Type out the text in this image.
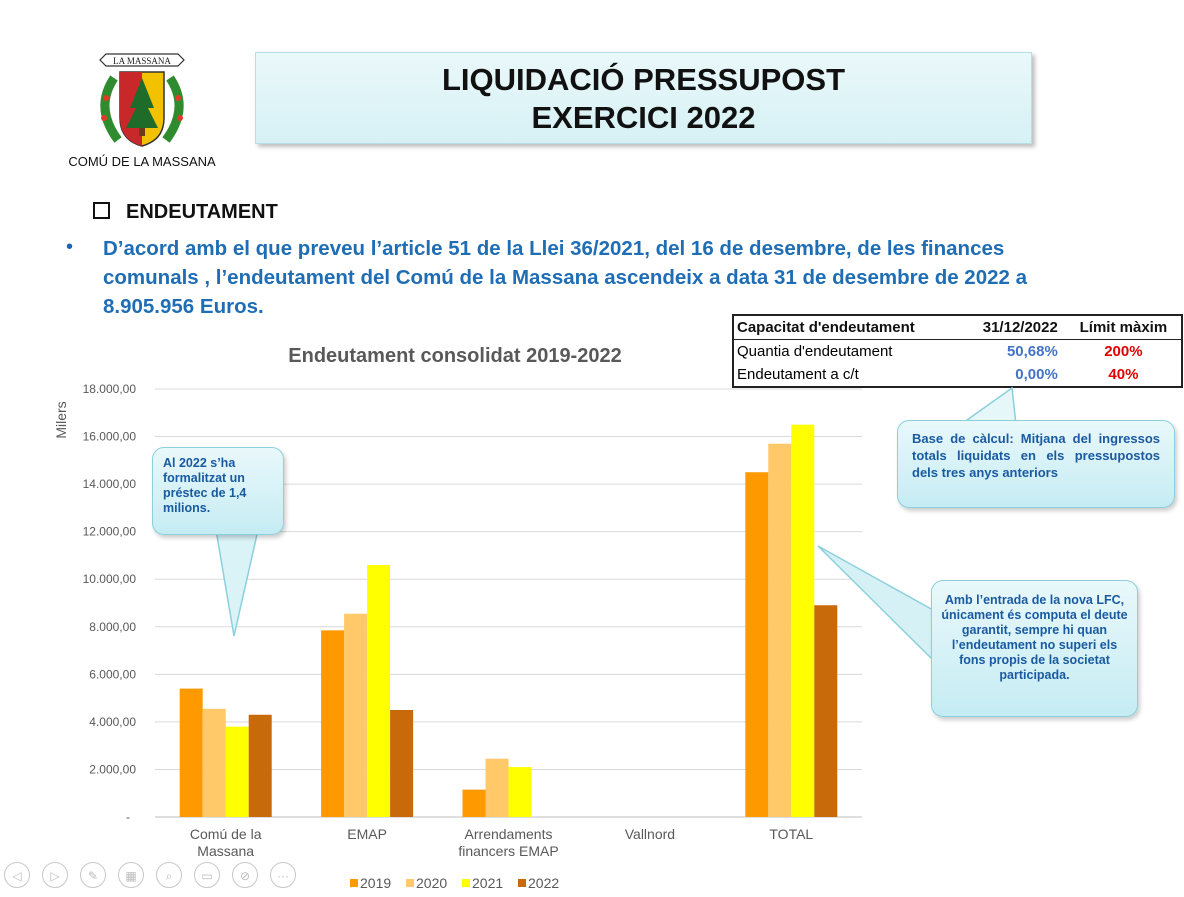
LA MASSANA
COMÚ DE LA MASSANA
LIQUIDACIÓ PRESSUPOST
EXERCICI 2022
ENDEUTAMENT
• D’acord amb el que preveu l’article 51 de la Llei 36/2021, del 16 de desembre, de les finances comunals , l’endeutament del Comú de la Massana ascendeix a data 31 de desembre de 2022 a 8.905.956 Euros.
Capacitat d'endeutament	31/12/2022	Límit màxim
Quantia d'endeutament	50,68%	200%
Endeutament a c/t	0,00%	40%
Endeutament consolidat 2019-2022
Milers
-
2.000,00
4.000,00
6.000,00
8.000,00
10.000,00
12.000,00
14.000,00
16.000,00
18.000,00
Comú de la
Massana
EMAP	Arrendaments
financers EMAP
Vallnord	TOTAL
2019 2020 2021 2022
Al 2022 s’ha formalitzat un préstec de 1,4 milions.
Base de càlcul: Mitjana del ingressos totals liquidats en els pressupostos dels tres anys anteriors
Amb l’entrada de la nova LFC, únicament és computa el deute garantit, sempre hi quan l’endeutament no superi els fons propis de la societat participada.
◁	▷	✎	▦	⌕	▭	⊘	···
